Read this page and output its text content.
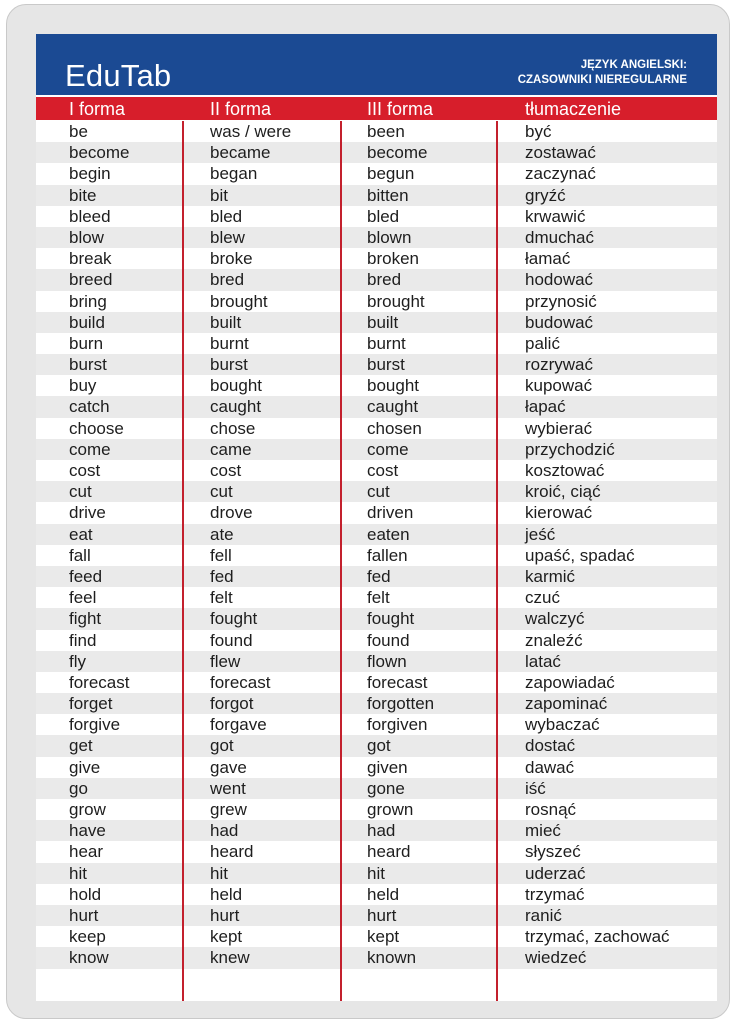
EduTab	JĘZYK ANGIELSKI:
CZASOWNIKI NIEREGULARNE
I forma	II forma	III forma	tłumaczenie
be	was / were	been	być
become	became	become	zostawać
begin	began	begun	zaczynać
bite	bit	bitten	gryźć
bleed	bled	bled	krwawić
blow	blew	blown	dmuchać
break	broke	broken	łamać
breed	bred	bred	hodować
bring	brought	brought	przynosić
build	built	built	budować
burn	burnt	burnt	palić
burst	burst	burst	rozrywać
buy	bought	bought	kupować
catch	caught	caught	łapać
choose	chose	chosen	wybierać
come	came	come	przychodzić
cost	cost	cost	kosztować
cut	cut	cut	kroić, ciąć
drive	drove	driven	kierować
eat	ate	eaten	jeść
fall	fell	fallen	upaść, spadać
feed	fed	fed	karmić
feel	felt	felt	czuć
fight	fought	fought	walczyć
find	found	found	znaleźć
fly	flew	flown	latać
forecast	forecast	forecast	zapowiadać
forget	forgot	forgotten	zapominać
forgive	forgave	forgiven	wybaczać
get	got	got	dostać
give	gave	given	dawać
go	went	gone	iść
grow	grew	grown	rosnąć
have	had	had	mieć
hear	heard	heard	słyszeć
hit	hit	hit	uderzać
hold	held	held	trzymać
hurt	hurt	hurt	ranić
keep	kept	kept	trzymać, zachować
know	knew	known	wiedzeć
